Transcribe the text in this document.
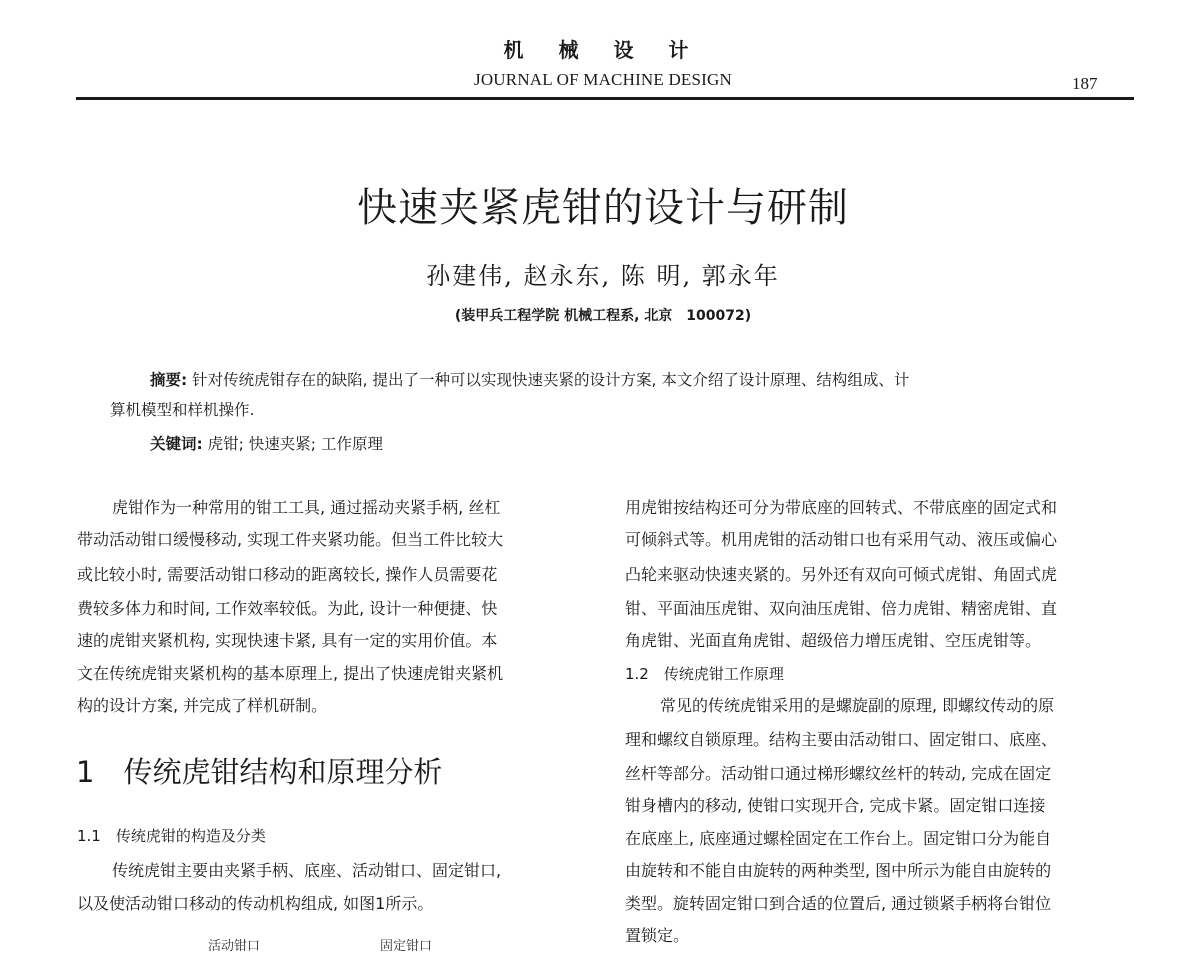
机 械 设 计
JOURNAL OF MACHINE DESIGN	187
快速夹紧虎钳的设计与研制
孙建伟, 赵永东, 陈 明, 郭永年
(装甲兵工程学院 机械工程系, 北京　100072)
摘要: 针对传统虎钳存在的缺陷, 提出了一种可以实现快速夹紧的设计方案, 本文介绍了设计原理、结构组成、计
算机模型和样机操作.
关键词: 虎钳; 快速夹紧; 工作原理
虎钳作为一种常用的钳工工具, 通过摇动夹紧手柄, 丝杠
带动活动钳口缓慢移动, 实现工件夹紧功能。但当工件比较大
或比较小时, 需要活动钳口移动的距离较长, 操作人员需要花
费较多体力和时间, 工作效率较低。为此, 设计一种便捷、快
速的虎钳夹紧机构, 实现快速卡紧, 具有一定的实用价值。本
文在传统虎钳夹紧机构的基本原理上, 提出了快速虎钳夹紧机
构的设计方案, 并完成了样机研制。
1　传统虎钳结构和原理分析
1.1　传统虎钳的构造及分类
传统虎钳主要由夹紧手柄、底座、活动钳口、固定钳口,
以及使活动钳口移动的传动机构组成, 如图1所示。
活动钳口	固定钳口
用虎钳按结构还可分为带底座的回转式、不带底座的固定式和
可倾斜式等。机用虎钳的活动钳口也有采用气动、液压或偏心
凸轮来驱动快速夹紧的。另外还有双向可倾式虎钳、角固式虎
钳、平面油压虎钳、双向油压虎钳、倍力虎钳、精密虎钳、直
角虎钳、光面直角虎钳、超级倍力增压虎钳、空压虎钳等。
1.2　传统虎钳工作原理
常见的传统虎钳采用的是螺旋副的原理, 即螺纹传动的原
理和螺纹自锁原理。结构主要由活动钳口、固定钳口、底座、
丝杆等部分。活动钳口通过梯形螺纹丝杆的转动, 完成在固定
钳身槽内的移动, 使钳口实现开合, 完成卡紧。固定钳口连接
在底座上, 底座通过螺栓固定在工作台上。固定钳口分为能自
由旋转和不能自由旋转的两种类型, 图中所示为能自由旋转的
类型。旋转固定钳口到合适的位置后, 通过锁紧手柄将台钳位
置锁定。
